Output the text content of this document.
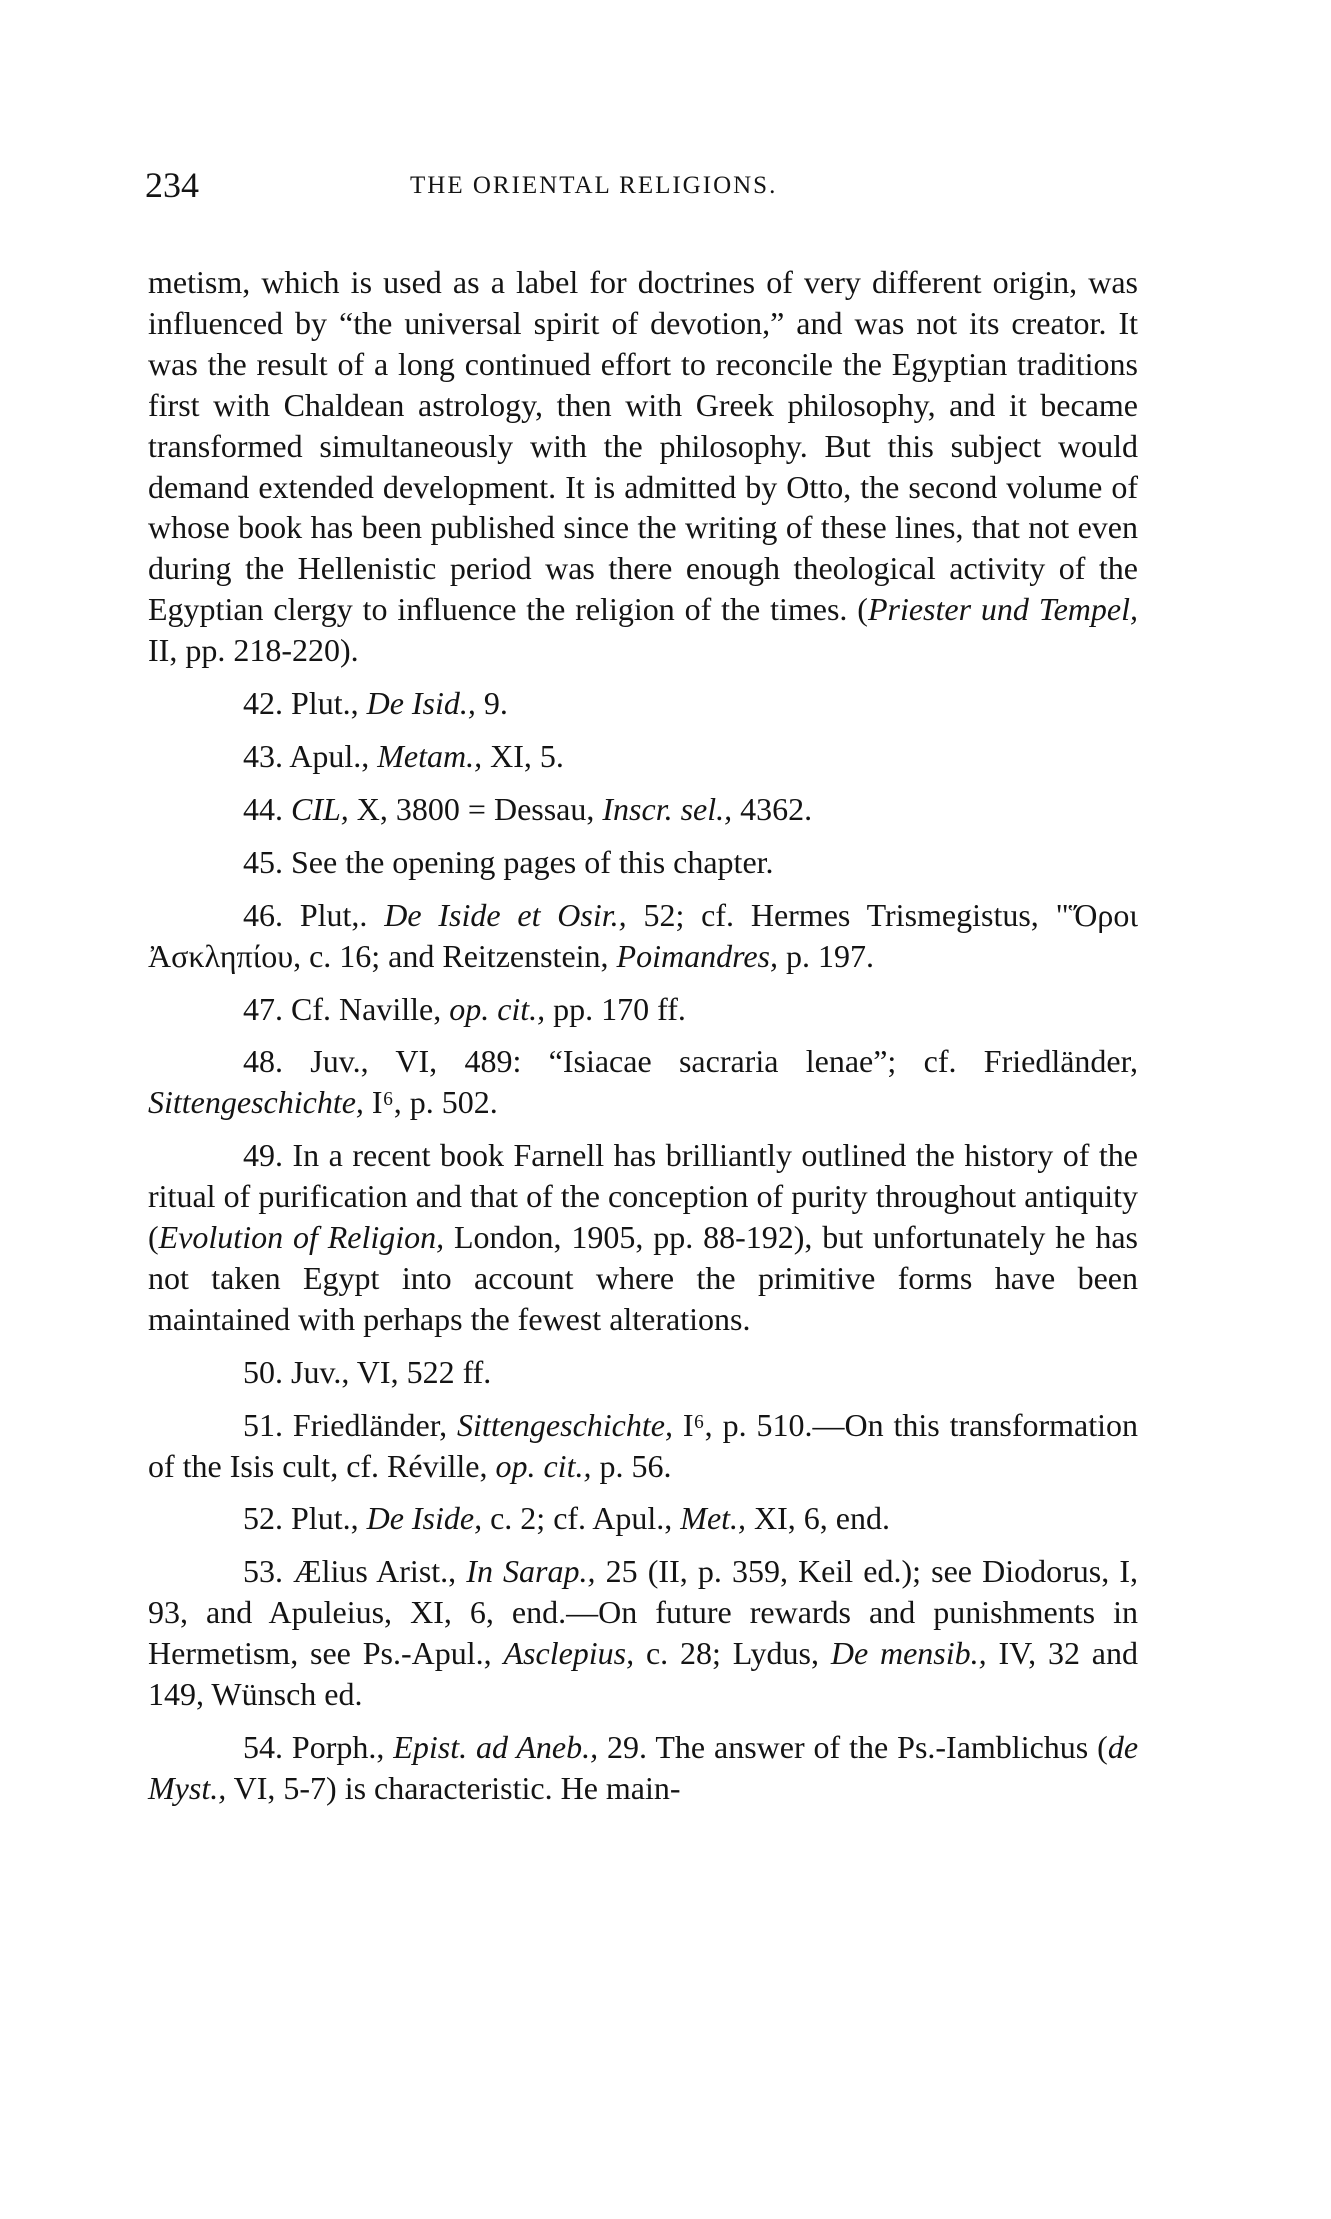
234	THE ORIENTAL RELIGIONS.

metism, which is used as a label for doctrines of very different origin, was influenced by “the universal spirit of devotion,” and was not its creator. It was the result of a long continued effort to reconcile the Egyptian traditions first with Chaldean astrology, then with Greek philosophy, and it became transformed simultaneously with the philosophy. But this subject would demand extended development. It is admitted by Otto, the second volume of whose book has been published since the writing of these lines, that not even during the Hellenistic period was there enough theological activity of the Egyptian clergy to influence the religion of the times. (Priester und Tempel, II, pp. 218-220).

42. Plut., De Isid., 9.

43. Apul., Metam., XI, 5.

44. CIL, X, 3800 = Dessau, Inscr. sel., 4362.

45. See the opening pages of this chapter.

46. Plut,. De Iside et Osir., 52; cf. Hermes Trismegistus, "Ὅροι Ἀσκληπίου, c. 16; and Reitzenstein, Poimandres, p. 197.

47. Cf. Naville, op. cit., pp. 170 ff.

48. Juv., VI, 489: “Isiacae sacraria lenae”; cf. Friedländer, Sittengeschichte, I⁶, p. 502.

49. In a recent book Farnell has brilliantly outlined the history of the ritual of purification and that of the conception of purity throughout antiquity (Evolution of Religion, London, 1905, pp. 88-192), but unfortunately he has not taken Egypt into account where the primitive forms have been maintained with perhaps the fewest alterations.

50. Juv., VI, 522 ff.

51. Friedländer, Sittengeschichte, I⁶, p. 510.—On this transformation of the Isis cult, cf. Réville, op. cit., p. 56.

52. Plut., De Iside, c. 2; cf. Apul., Met., XI, 6, end.

53. Ælius Arist., In Sarap., 25 (II, p. 359, Keil ed.); see Diodorus, I, 93, and Apuleius, XI, 6, end.—On future rewards and punishments in Hermetism, see Ps.-Apul., Asclepius, c. 28; Lydus, De mensib., IV, 32 and 149, Wünsch ed.

54. Porph., Epist. ad Aneb., 29. The answer of the Ps.-Iamblichus (de Myst., VI, 5-7) is characteristic. He main-
